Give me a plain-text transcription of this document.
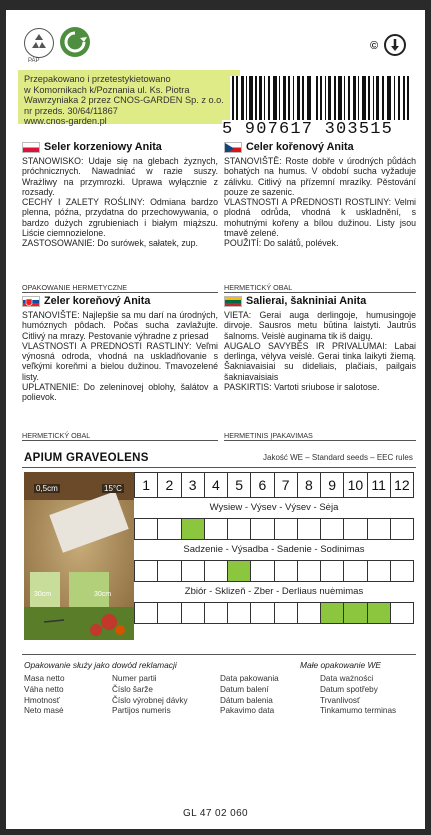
PAP
©
Przepakowano i przetestykietowano
w Komornikach k/Poznania ul. Ks. Piotra
Wawrzyniaka 2 przez CNOS-GARDEN Sp. z o.o.
nr przeds. 30/64/11867
www.cnos-garden.pl	5 907617 303515
Seler korzeniowy Anita

STANOWISKO: Udaje się na glebach żyznych, próchnicznych. Nawadniać w razie suszy. Wrażliwy na przymrozki. Uprawa wyłącznie z rozsady.
CECHY I ZALETY ROŚLINY: Odmiana bardzo plenna, późna, przydatna do przechowywania, o bardzo dużych zgrubieniach i białym miąższu. Liście ciemnozielone.
ZASTOSOWANIE: Do surówek, sałatek, zup.

Celer kořenový Anita

STANOVIŠTĚ: Roste dobře v úrodných půdách bohatých na humus. V období sucha vyžaduje zálivku. Citlivý na přízemní mrazíky. Pěstování pouze ze sazenic.
VLASTNOSTI A PŘEDNOSTI ROSTLINY: Velmi plodná odrůda, vhodná k uskladnění, s mohutnými kořeny a bílou dužinou. Listy jsou tmavě zelené.
POUŽITÍ: Do salátů, polévek.

OPAKOWANIE HERMETYCZNE	HERMETICKÝ OBAL
Zeler koreňový Anita

STANOVIŠTE: Najlepšie sa mu darí na úrodných, humóznych pôdach. Počas sucha zavlažujte. Citlivý na mrazy. Pestovanie výhradne z priesad
VLASTNOSTI A PREDNOSTI RASTLINY: Veľmi výnosná odroda, vhodná na uskladňovanie s veľkými koreňmi a bielou dužinou. Tmavozelené listy.
UPLATNENIE: Do zeleninovej oblohy, šalátov a polievok.

Salierai, šakniniai Anita

VIETA: Gerai auga derlingoje, humusingoje dirvoje. Sausros metu būtina laistyti. Jautrūs šalnoms. Veislė auginama tik iš daigų.
AUGALO SAVYBĖS IR PRIVALUMAI: Labai derlinga, vėlyva veislė. Gerai tinka laikyti žiemą. Šakniavaisiai su dideliais, plačiais, pailgais šakniavaisiais
PASKIRTIS: Vartoti sriubose ir salotose.

HERMETICKÝ OBAL	HERMETINIS ĮPAKAVIMAS
APIUM GRAVEOLENS	Jakość WE – Standard seeds – EEC rules
0,5cm	15°C
30cm	30cm
1	2	3	4	5	6	7	8	9 10 11 12
Wysiew - Výsev - Výsev - Sėja
Sadzenie - Výsadba - Sadenie - Sodinimas
Zbiór - Sklizeň - Zber - Derliaus nuėmimas
Opakowanie służy jako dowód reklamacji	Małe opakowanie WE
Masa netto	Numer partii	Data pakowania	Data ważności
Váha netto	Číslo šarže	Datum balení	Datum spotřeby
Hmotnosť	Číslo výrobnej dávky	Dátum balenia	Trvanlivosť
Neto masė	Partijos numeris	Pakavimo data	Tinkamumo terminas
GL 47 02 060
